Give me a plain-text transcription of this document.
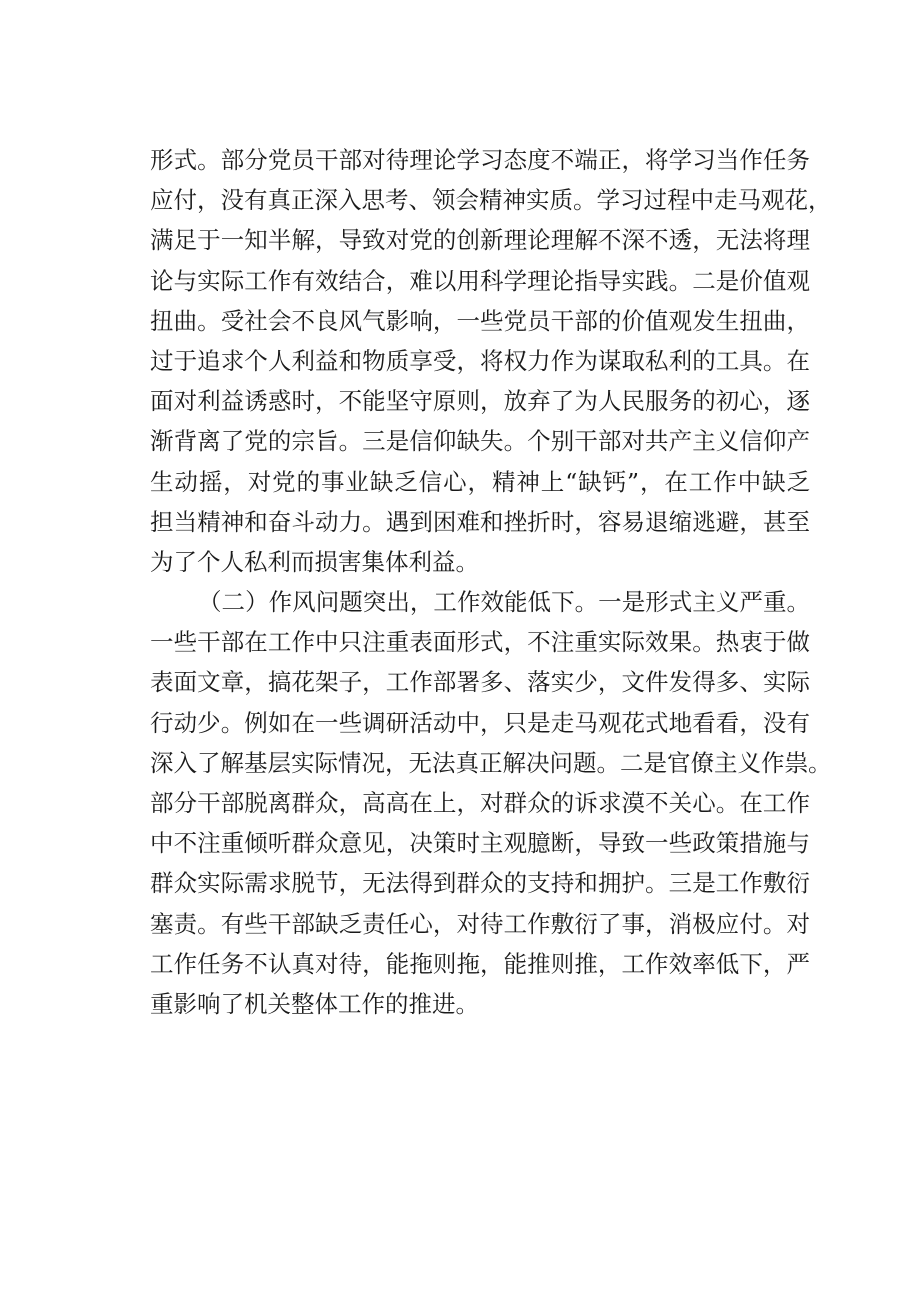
形式。部分党员干部对待理论学习态度不端正，将学习当作任务
应付，没有真正深入思考、领会精神实质。学习过程中走马观花，
满足于一知半解，导致对党的创新理论理解不深不透，无法将理
论与实际工作有效结合，难以用科学理论指导实践。二是价值观
扭曲。受社会不良风气影响，一些党员干部的价值观发生扭曲，
过于追求个人利益和物质享受，将权力作为谋取私利的工具。在
面对利益诱惑时，不能坚守原则，放弃了为人民服务的初心，逐
渐背离了党的宗旨。三是信仰缺失。个别干部对共产主义信仰产
生动摇，对党的事业缺乏信心，精神上“缺钙”，在工作中缺乏
担当精神和奋斗动力。遇到困难和挫折时，容易退缩逃避，甚至
为了个人私利而损害集体利益。
（二）作风问题突出，工作效能低下。一是形式主义严重。
一些干部在工作中只注重表面形式，不注重实际效果。热衷于做
表面文章，搞花架子，工作部署多、落实少，文件发得多、实际
行动少。例如在一些调研活动中，只是走马观花式地看看，没有
深入了解基层实际情况，无法真正解决问题。二是官僚主义作祟。
部分干部脱离群众，高高在上，对群众的诉求漠不关心。在工作
中不注重倾听群众意见，决策时主观臆断，导致一些政策措施与
群众实际需求脱节，无法得到群众的支持和拥护。三是工作敷衍
塞责。有些干部缺乏责任心，对待工作敷衍了事，消极应付。对
工作任务不认真对待，能拖则拖，能推则推，工作效率低下，严
重影响了机关整体工作的推进。
